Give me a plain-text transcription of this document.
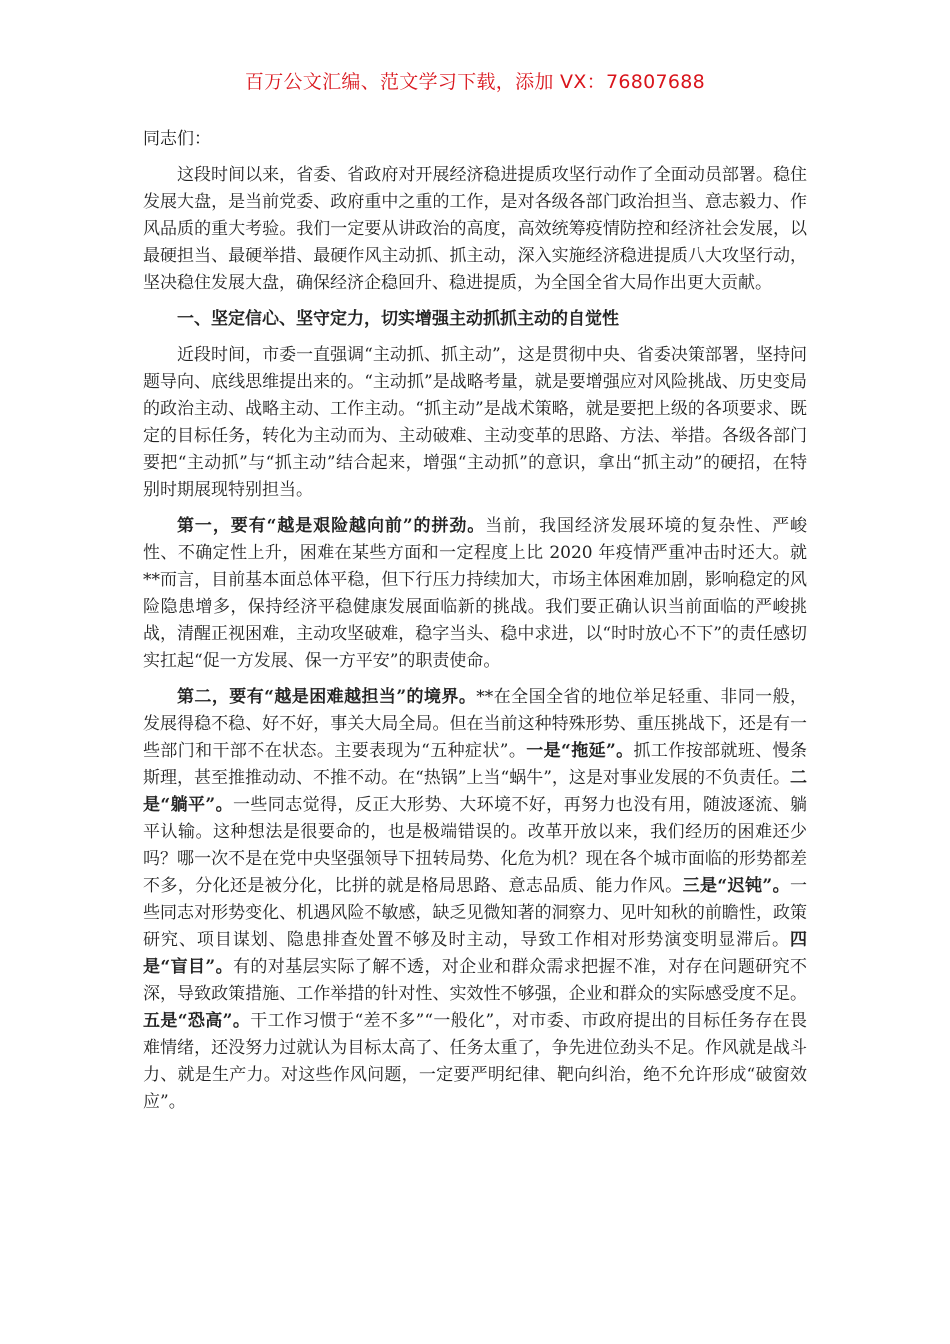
百万公文汇编、范文学习下载，添加 VX：76807688

同志们：

这段时间以来，省委、省政府对开展经济稳进提质攻坚行动作了全面动员部署。稳住发展大盘，是当前党委、政府重中之重的工作，是对各级各部门政治担当、意志毅力、作风品质的重大考验。我们一定要从讲政治的高度，高效统筹疫情防控和经济社会发展，以最硬担当、最硬举措、最硬作风主动抓、抓主动，深入实施经济稳进提质八大攻坚行动，坚决稳住发展大盘，确保经济企稳回升、稳进提质，为全国全省大局作出更大贡献。

一、坚定信心、坚守定力，切实增强主动抓抓主动的自觉性

近段时间，市委一直强调“主动抓、抓主动”，这是贯彻中央、省委决策部署，坚持问题导向、底线思维提出来的。“主动抓”是战略考量，就是要增强应对风险挑战、历史变局的政治主动、战略主动、工作主动。“抓主动”是战术策略，就是要把上级的各项要求、既定的目标任务，转化为主动而为、主动破难、主动变革的思路、方法、举措。各级各部门要把“主动抓”与“抓主动”结合起来，增强“主动抓”的意识，拿出“抓主动”的硬招，在特别时期展现特别担当。

第一，要有“越是艰险越向前”的拼劲。当前，我国经济发展环境的复杂性、严峻性、不确定性上升，困难在某些方面和一定程度上比 2020 年疫情严重冲击时还大。就**而言，目前基本面总体平稳，但下行压力持续加大，市场主体困难加剧，影响稳定的风险隐患增多，保持经济平稳健康发展面临新的挑战。我们要正确认识当前面临的严峻挑战，清醒正视困难，主动攻坚破难，稳字当头、稳中求进，以“时时放心不下”的责任感切实扛起“促一方发展、保一方平安”的职责使命。

第二，要有“越是困难越担当”的境界。**在全国全省的地位举足轻重、非同一般，发展得稳不稳、好不好，事关大局全局。但在当前这种特殊形势、重压挑战下，还是有一些部门和干部不在状态。主要表现为“五种症状”。一是“拖延”。抓工作按部就班、慢条斯理，甚至推推动动、不推不动。在“热锅”上当“蜗牛”，这是对事业发展的不负责任。二是“躺平”。一些同志觉得，反正大形势、大环境不好，再努力也没有用，随波逐流、躺平认输。这种想法是很要命的，也是极端错误的。改革开放以来，我们经历的困难还少吗？哪一次不是在党中央坚强领导下扭转局势、化危为机？现在各个城市面临的形势都差不多，分化还是被分化，比拼的就是格局思路、意志品质、能力作风。三是“迟钝”。一些同志对形势变化、机遇风险不敏感，缺乏见微知著的洞察力、见叶知秋的前瞻性，政策研究、项目谋划、隐患排查处置不够及时主动，导致工作相对形势演变明显滞后。四是“盲目”。有的对基层实际了解不透，对企业和群众需求把握不准，对存在问题研究不深，导致政策措施、工作举措的针对性、实效性不够强，企业和群众的实际感受度不足。五是“恐高”。干工作习惯于“差不多”“一般化”，对市委、市政府提出的目标任务存在畏难情绪，还没努力过就认为目标太高了、任务太重了，争先进位劲头不足。作风就是战斗力、就是生产力。对这些作风问题，一定要严明纪律、靶向纠治，绝不允许形成“破窗效应”。
